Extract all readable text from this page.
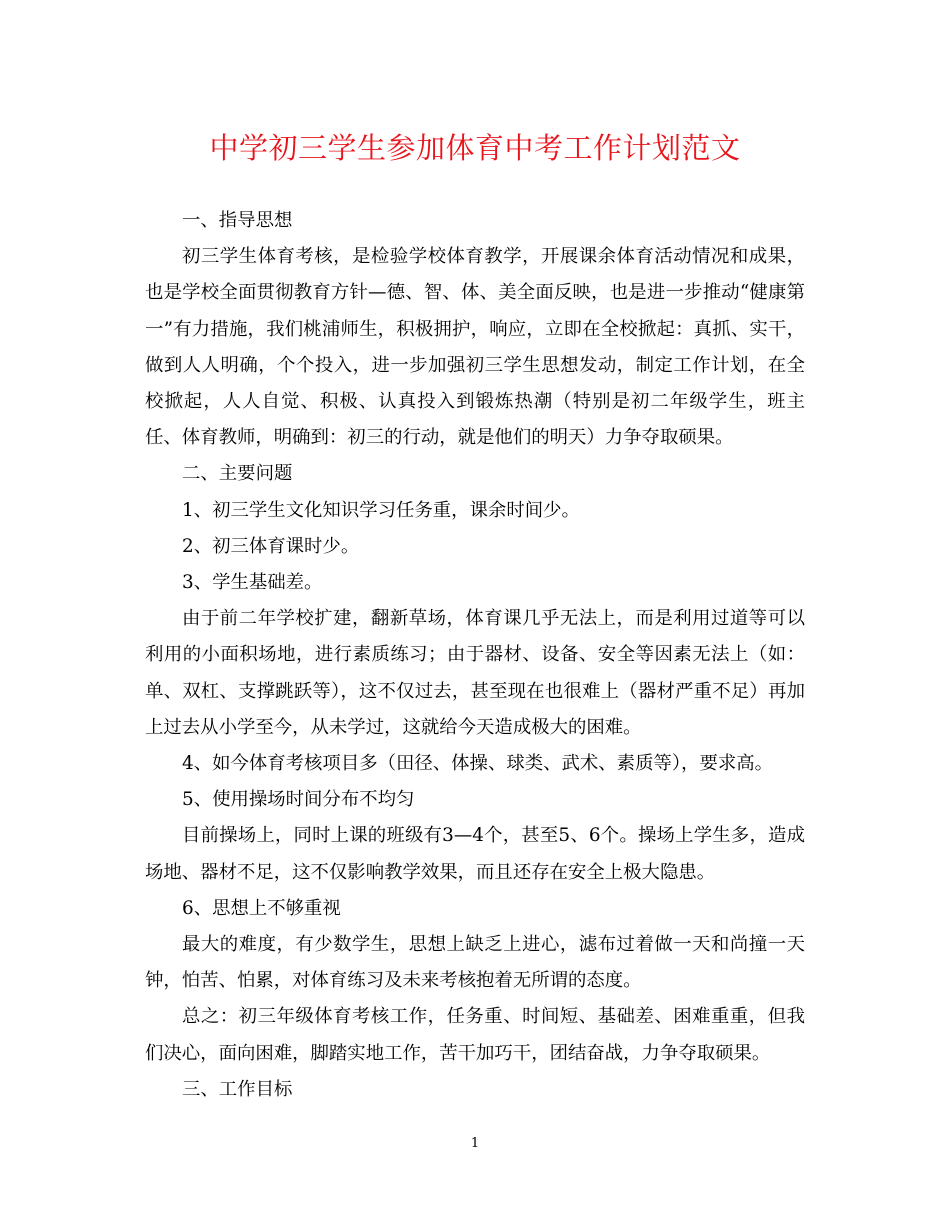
中学初三学生参加体育中考工作计划范文

一、指导思想

初三学生体育考核，是检验学校体育教学，开展课余体育活动情况和成果，也是学校全面贯彻教育方针—德、智、体、美全面反映，也是进一步推动“健康第一”有力措施，我们桃浦师生，积极拥护，响应，立即在全校掀起：真抓、实干，做到人人明确，个个投入，进一步加强初三学生思想发动，制定工作计划，在全校掀起，人人自觉、积极、认真投入到锻炼热潮（特别是初二年级学生，班主任、体育教师，明确到：初三的行动，就是他们的明天）力争夺取硕果。

二、主要问题

1、初三学生文化知识学习任务重，课余时间少。

2、初三体育课时少。

3、学生基础差。

由于前二年学校扩建，翻新草场，体育课几乎无法上，而是利用过道等可以利用的小面积场地，进行素质练习；由于器材、设备、安全等因素无法上（如：单、双杠、支撑跳跃等），这不仅过去，甚至现在也很难上（器材严重不足）再加上过去从小学至今，从未学过，这就给今天造成极大的困难。

4、如今体育考核项目多（田径、体操、球类、武术、素质等），要求高。

5、使用操场时间分布不均匀

目前操场上，同时上课的班级有3—4个，甚至5、6个。操场上学生多，造成场地、器材不足，这不仅影响教学效果，而且还存在安全上极大隐患。

6、思想上不够重视

最大的难度，有少数学生，思想上缺乏上进心，滤布过着做一天和尚撞一天钟，怕苦、怕累，对体育练习及未来考核抱着无所谓的态度。

总之：初三年级体育考核工作，任务重、时间短、基础差、困难重重，但我们决心，面向困难，脚踏实地工作，苦干加巧干，团结奋战，力争夺取硕果。

三、工作目标

1
